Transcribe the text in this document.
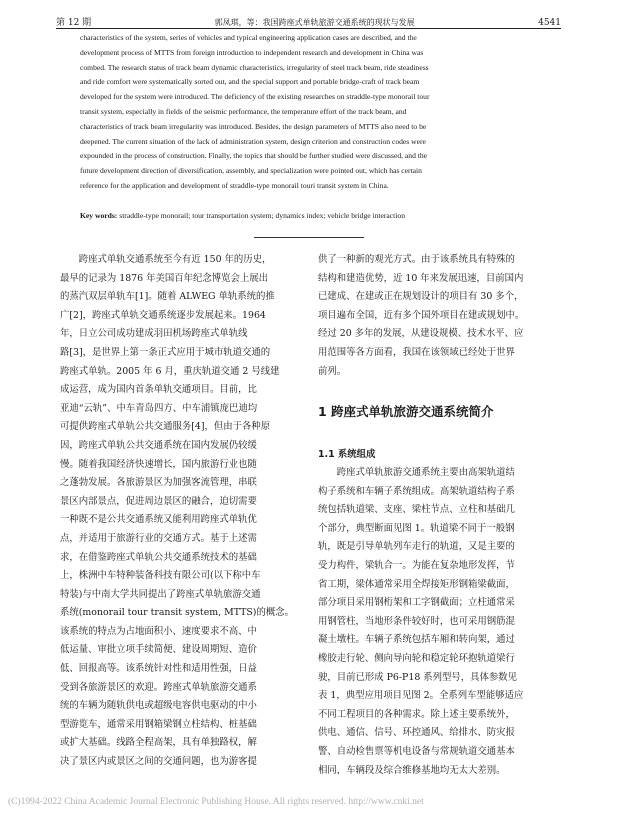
第 12 期	郭凤琪，等：我国跨座式单轨旅游交通系统的现状与发展	4541
characteristics of the system, series of vehicles and typical engineering application cases are described, and the
development process of MTTS from foreign introduction to independent research and development in China was
combed. The research status of track beam dynamic characteristics, irregularity of steel track beam, ride steadiness
and ride comfort were systematically sorted out, and the special support and portable bridge-craft of track beam
developed for the system were introduced. The deficiency of the existing researches on straddle-type monorail tour
transit system, especially in fields of the seismic performance, the temperature effort of the track beam, and
characteristics of track beam irregularity was introduced. Besides, the design parameters of MTTS also need to be
deepened. The current situation of the lack of administration system, design criterion and construction codes were
expounded in the process of construction. Finally, the topics that should be further studied were discussed, and the
future development direction of diversification, assembly, and specialization were pointed out, which has certain
reference for the application and development of straddle-type monorail touri transit system in China.
Key words: straddle-type monorail; tour transportation system; dynamics index; vehicle bridge interaction
跨座式单轨交通系统至今有近 150 年的历史，
最早的记录为 1876 年美国百年纪念博览会上展出
的蒸汽双层单轨车[1]。随着 ALWEG 单轨系统的推
广[2]，跨座式单轨交通系统逐步发展起来。1964
年，日立公司成功建成羽田机场跨座式单轨线
路[3]，是世界上第一条正式应用于城市轨道交通的
跨座式单轨。2005 年 6 月，重庆轨道交通 2 号线建
成运营，成为国内首条单轨交通项目。目前，比
亚迪“云轨”、中车青岛四方、中车浦镇庞巴迪均
可提供跨座式单轨公共交通服务[4]，但由于各种原
因，跨座式单轨公共交通系统在国内发展仍较缓
慢。随着我国经济快速增长，国内旅游行业也随
之蓬勃发展。各旅游景区为加强客流管理，串联
景区内部景点，促进周边景区的融合，迫切需要
一种既不是公共交通系统又能利用跨座式单轨优
点，并适用于旅游行业的交通方式。基于上述需
求，在借鉴跨座式单轨公共交通系统技术的基础
上，株洲中车特种装备科技有限公司(以下称中车
特装)与中南大学共同提出了跨座式单轨旅游交通
系统(monorail tour transit system, MTTS)的概念。
该系统的特点为占地面积小、速度要求不高、中
低运量、审批立项手续简便、建设周期短、造价
低、回报高等。该系统针对性和适用性强，日益
受到各旅游景区的欢迎。跨座式单轨旅游交通系
统的车辆为随轨供电或超级电容供电驱动的中小
型游览车，通常采用钢箱梁钢立柱结构、桩基础
或扩大基础。线路全程高架，具有单独路权，解
决了景区内或景区之间的交通问题，也为游客提
供了一种新的观光方式。由于该系统具有特殊的
结构和建造优势，近 10 年来发展迅速，目前国内
已建成、在建或正在规划设计的项目有 30 多个，
项目遍布全国，近有多个国外项目在建或规划中。
经过 20 多年的发展，从建设规模、技术水平、应
用范围等各方面看，我国在该领域已经处于世界
前列。
1 跨座式单轨旅游交通系统简介
1.1 系统组成
跨座式单轨旅游交通系统主要由高架轨道结
构子系统和车辆子系统组成。高架轨道结构子系
统包括轨道梁、支座、梁柱节点、立柱和基础几
个部分，典型断面见图 1。轨道梁不同于一般钢
轨，既是引导单轨列车走行的轨道，又是主要的
受力构件，梁轨合一。为能在复杂地形发挥，节
省工期，梁体通常采用全焊接矩形钢箱梁截面，
部分项目采用钢桁架和工字钢截面；立柱通常采
用钢管柱，当地形条件较好时，也可采用钢筋混
凝土墩柱。车辆子系统包括车厢和转向架，通过
橡胶走行轮、侧向导向轮和稳定轮环抱轨道梁行
驶，目前已形成 P6-P18 系列型号，具体参数见
表 1，典型应用项目见图 2。全系列车型能够适应
不同工程项目的各种需求。除上述主要系统外，
供电、通信、信号、环控通风、给排水、防灾报
警、自动检售票等机电设备与常规轨道交通基本
相同，车辆段及综合维修基地均无太大差别。
(C)1994-2022 China Academic Journal Electronic Publishing House. All rights reserved. http://www.cnki.net
